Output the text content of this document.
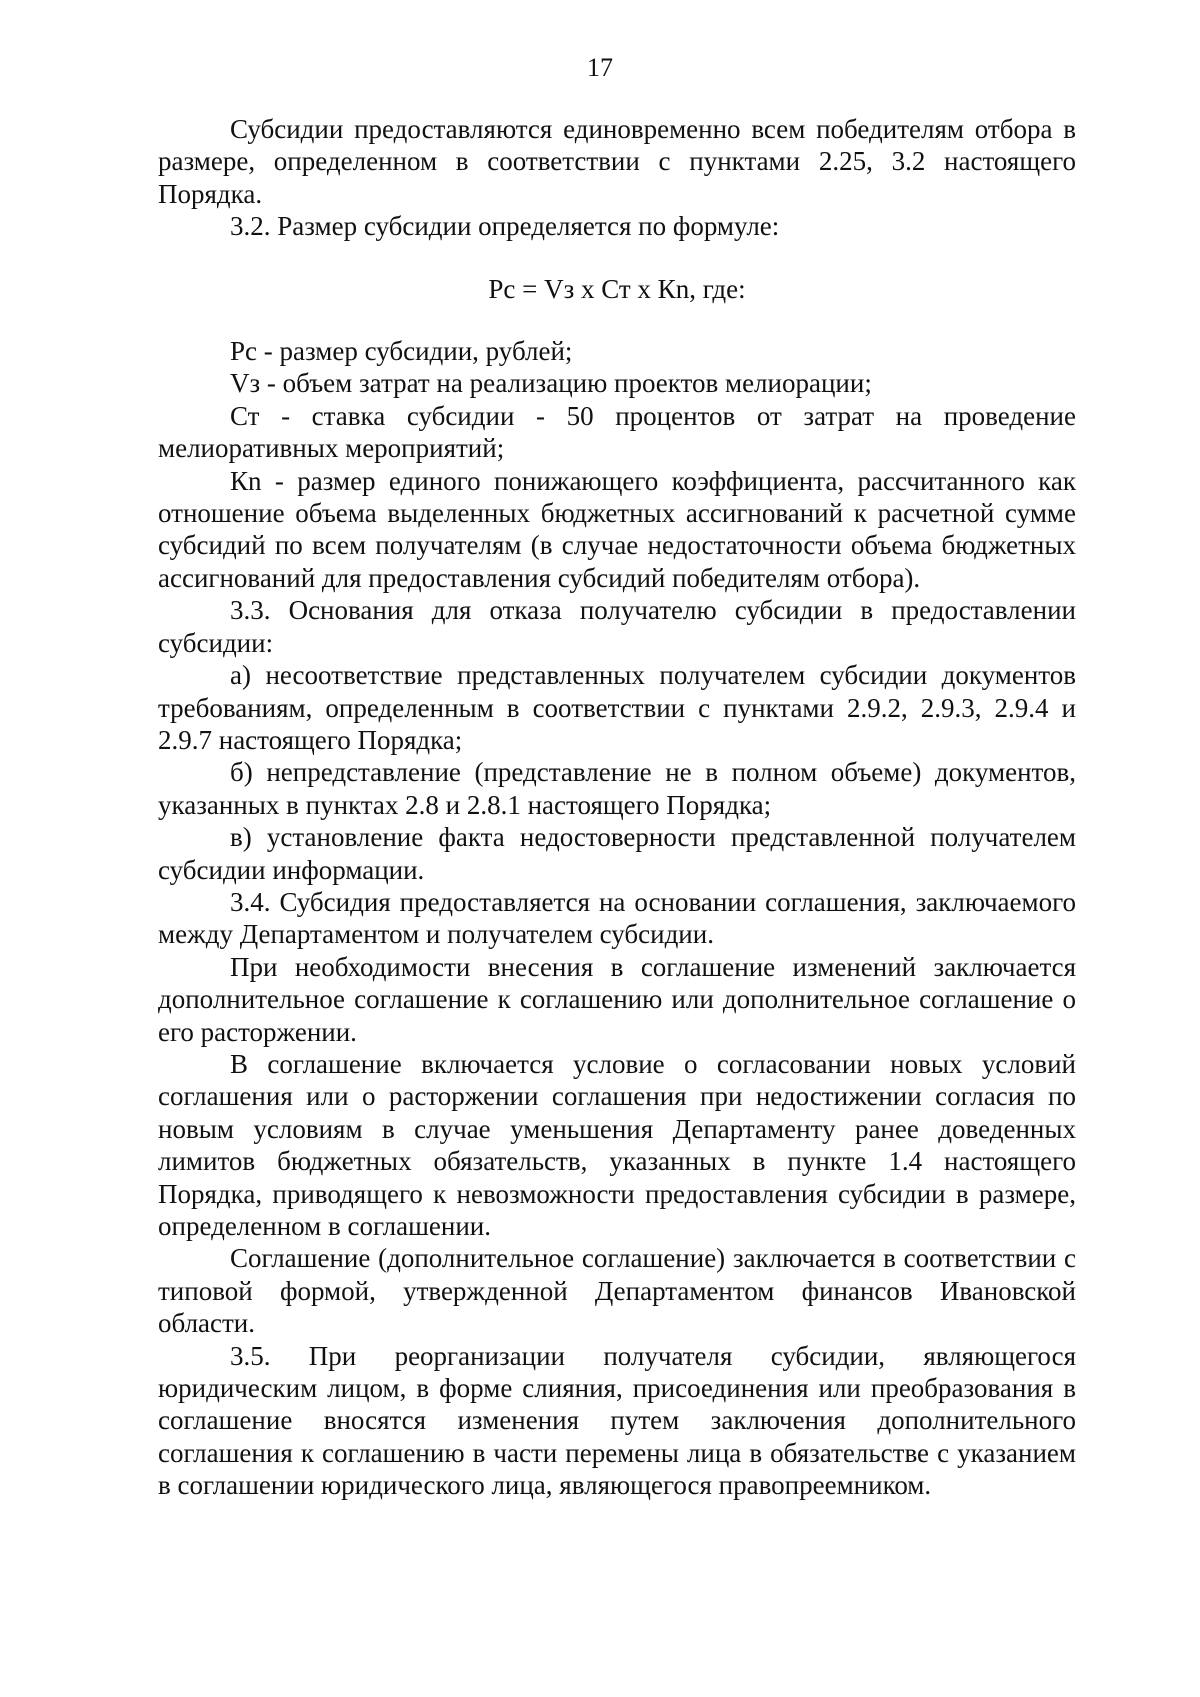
17

Субсидии предоставляются единовременно всем победителям отбора в размере, определенном в соответствии с пунктами 2.25, 3.2 настоящего Порядка.

3.2. Размер субсидии определяется по формуле:

Рс = Vз x Ст x Кn, где:

Рс - размер субсидии, рублей;

Vз - объем затрат на реализацию проектов мелиорации;

Ст - ставка субсидии - 50 процентов от затрат на проведение мелиоративных мероприятий;

Кn - размер единого понижающего коэффициента, рассчитанного как отношение объема выделенных бюджетных ассигнований к расчетной сумме субсидий по всем получателям (в случае недостаточности объема бюджетных ассигнований для предоставления субсидий победителям отбора).

3.3. Основания для отказа получателю субсидии в предоставлении субсидии:

а) несоответствие представленных получателем субсидии документов требованиям, определенным в соответствии с пунктами 2.9.2, 2.9.3, 2.9.4 и 2.9.7 настоящего Порядка;

б) непредставление (представление не в полном объеме) документов, указанных в пунктах 2.8 и 2.8.1 настоящего Порядка;

в) установление факта недостоверности представленной получателем субсидии информации.

3.4. Субсидия предоставляется на основании соглашения, заключаемого между Департаментом и получателем субсидии.

При необходимости внесения в соглашение изменений заключается дополнительное соглашение к соглашению или дополнительное соглашение о его расторжении.

В соглашение включается условие о согласовании новых условий соглашения или о расторжении соглашения при недостижении согласия по новым условиям в случае уменьшения Департаменту ранее доведенных лимитов бюджетных обязательств, указанных в пункте 1.4 настоящего Порядка, приводящего к невозможности предоставления субсидии в размере, определенном в соглашении.

Соглашение (дополнительное соглашение) заключается в соответствии с типовой формой, утвержденной Департаментом финансов Ивановской области.

3.5. При реорганизации получателя субсидии, являющегося юридическим лицом, в форме слияния, присоединения или преобразования в соглашение вносятся изменения путем заключения дополнительного соглашения к соглашению в части перемены лица в обязательстве с указанием в соглашении юридического лица, являющегося правопреемником.
